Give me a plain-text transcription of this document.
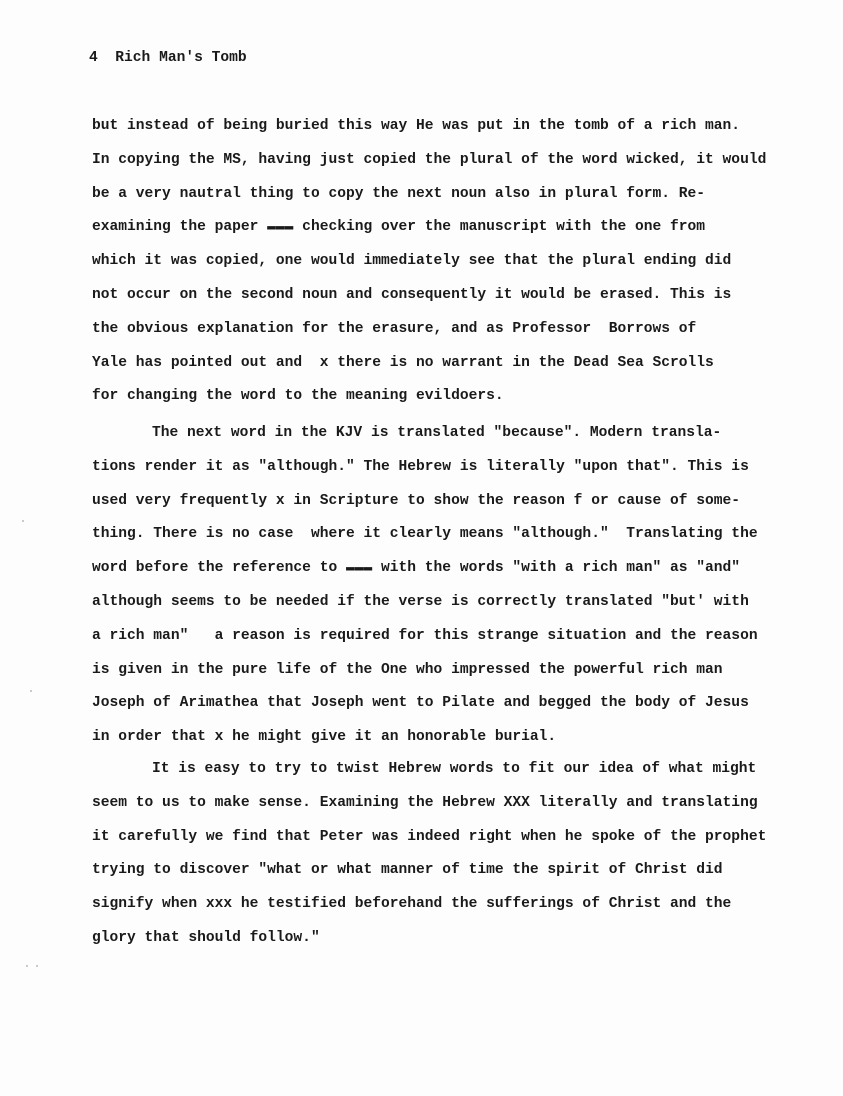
4 Rich Man's Tomb
but instead of being buried this way He was put in the tomb of a rich man.
In copying the MS, having just copied the plural of the word wicked, it would
be a very nautral thing to copy the next noun also in plural form. Re-
examining the paper ▬▬▬ checking over the manuscript with the one from
which it was copied, one would immediately see that the plural ending did
not occur on the second noun and consequently it would be erased. This is
the obvious explanation for the erasure, and as Professor  Borrows of
Yale has pointed out and  x there is no warrant in the Dead Sea Scrolls
for changing the word to the meaning evildoers.
The next word in the KJV is translated "because". Modern transla-
tions render it as "although." The Hebrew is literally "upon that". This is
used very frequently x in Scripture to show the reason f or cause of some-
thing. There is no case  where it clearly means "although."  Translating the
word before the reference to ▬▬▬ with the words "with a rich man" as "and"
although seems to be needed if the verse is correctly translated "but' with
a rich man"   a reason is required for this strange situation and the reason
is given in the pure life of the One who impressed the powerful rich man
Joseph of Arimathea that Joseph went to Pilate and begged the body of Jesus
in order that x he might give it an honorable burial.
It is easy to try to twist Hebrew words to fit our idea of what might
seem to us to make sense. Examining the Hebrew XXX literally and translating
it carefully we find that Peter was indeed right when he spoke of the prophet
trying to discover "what or what manner of time the spirit of Christ did
signify when xxx he testified beforehand the sufferings of Christ and the
glory that should follow."
